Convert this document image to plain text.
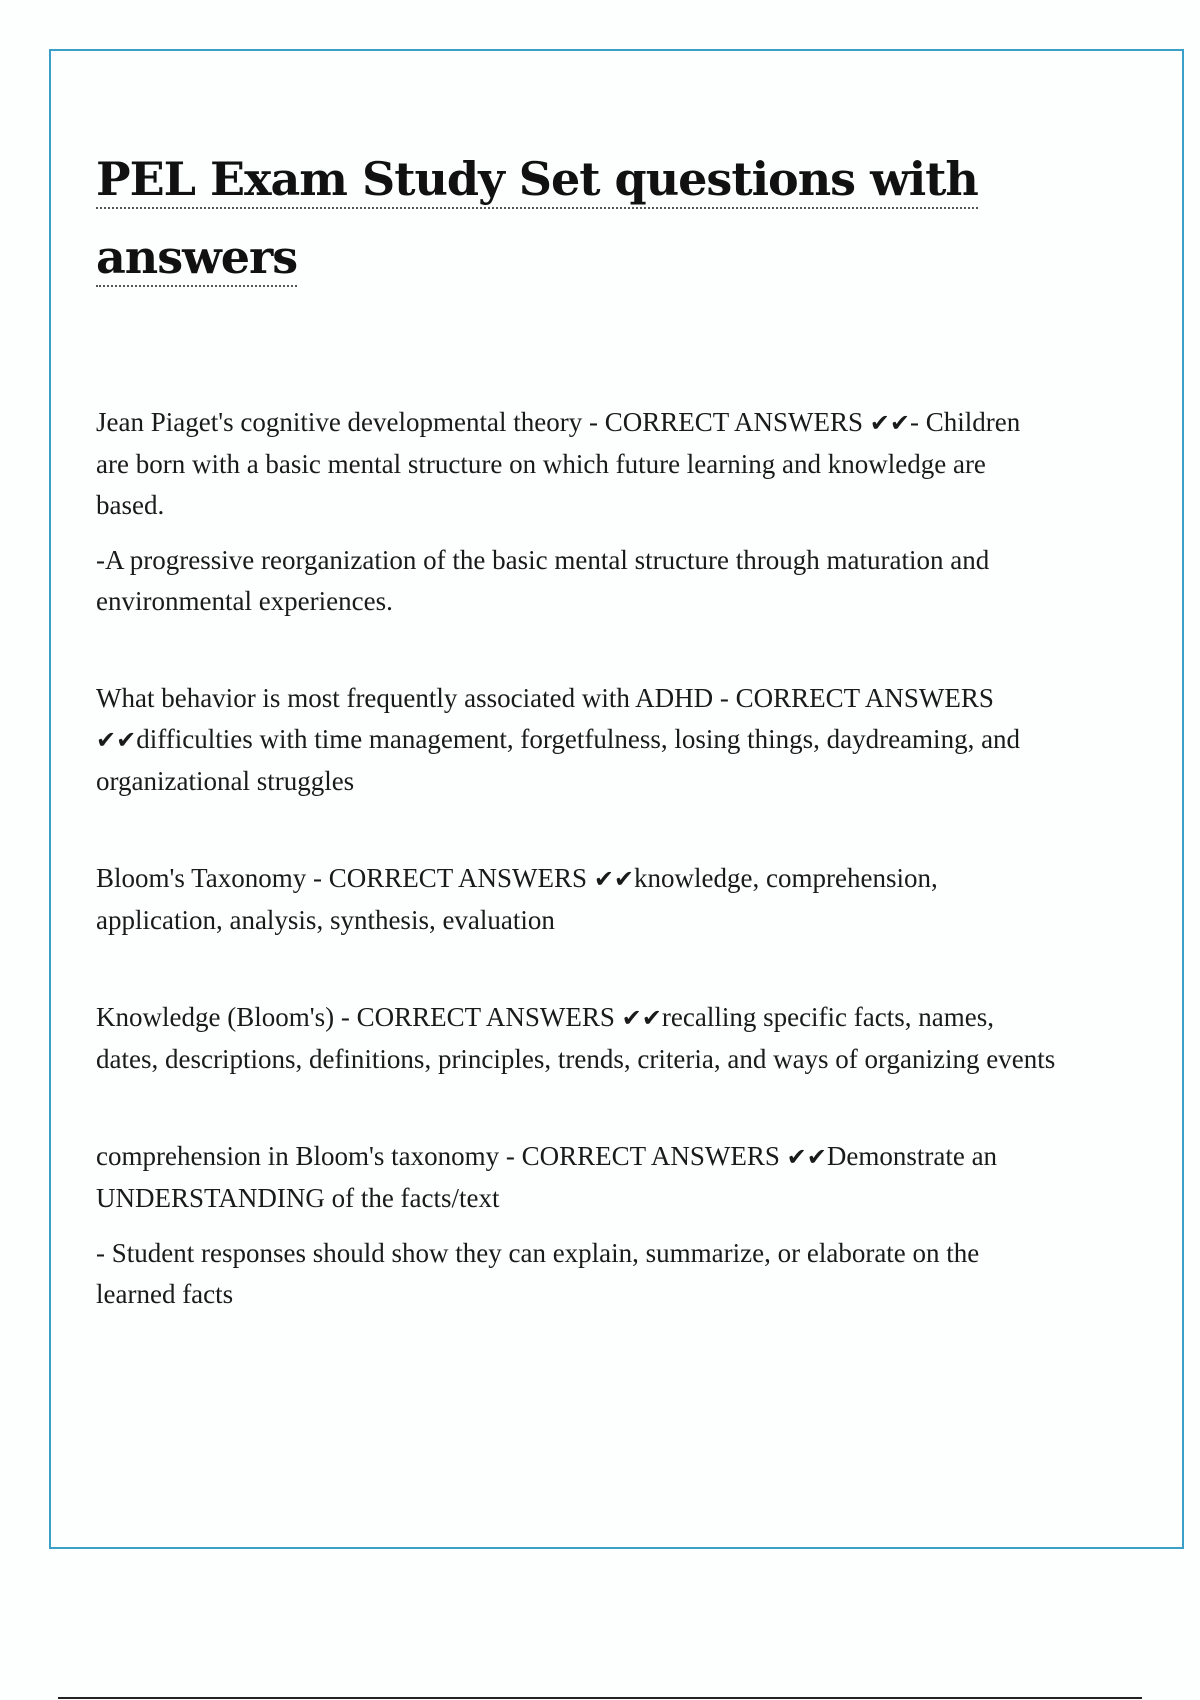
PEL Exam Study Set questions with answers

Jean Piaget's cognitive developmental theory - CORRECT ANSWERS ✔✔- Children are born with a basic mental structure on which future learning and knowledge are based.

-A progressive reorganization of the basic mental structure through maturation and environmental experiences.

What behavior is most frequently associated with ADHD - CORRECT ANSWERS ✔✔difficulties with time management, forgetfulness, losing things, daydreaming, and organizational struggles

Bloom's Taxonomy - CORRECT ANSWERS ✔✔knowledge, comprehension, application, analysis, synthesis, evaluation

Knowledge (Bloom's) - CORRECT ANSWERS ✔✔recalling specific facts, names, dates, descriptions, definitions, principles, trends, criteria, and ways of organizing events

comprehension in Bloom's taxonomy - CORRECT ANSWERS ✔✔Demonstrate an UNDERSTANDING of the facts/text

- Student responses should show they can explain, summarize, or elaborate on the learned facts
